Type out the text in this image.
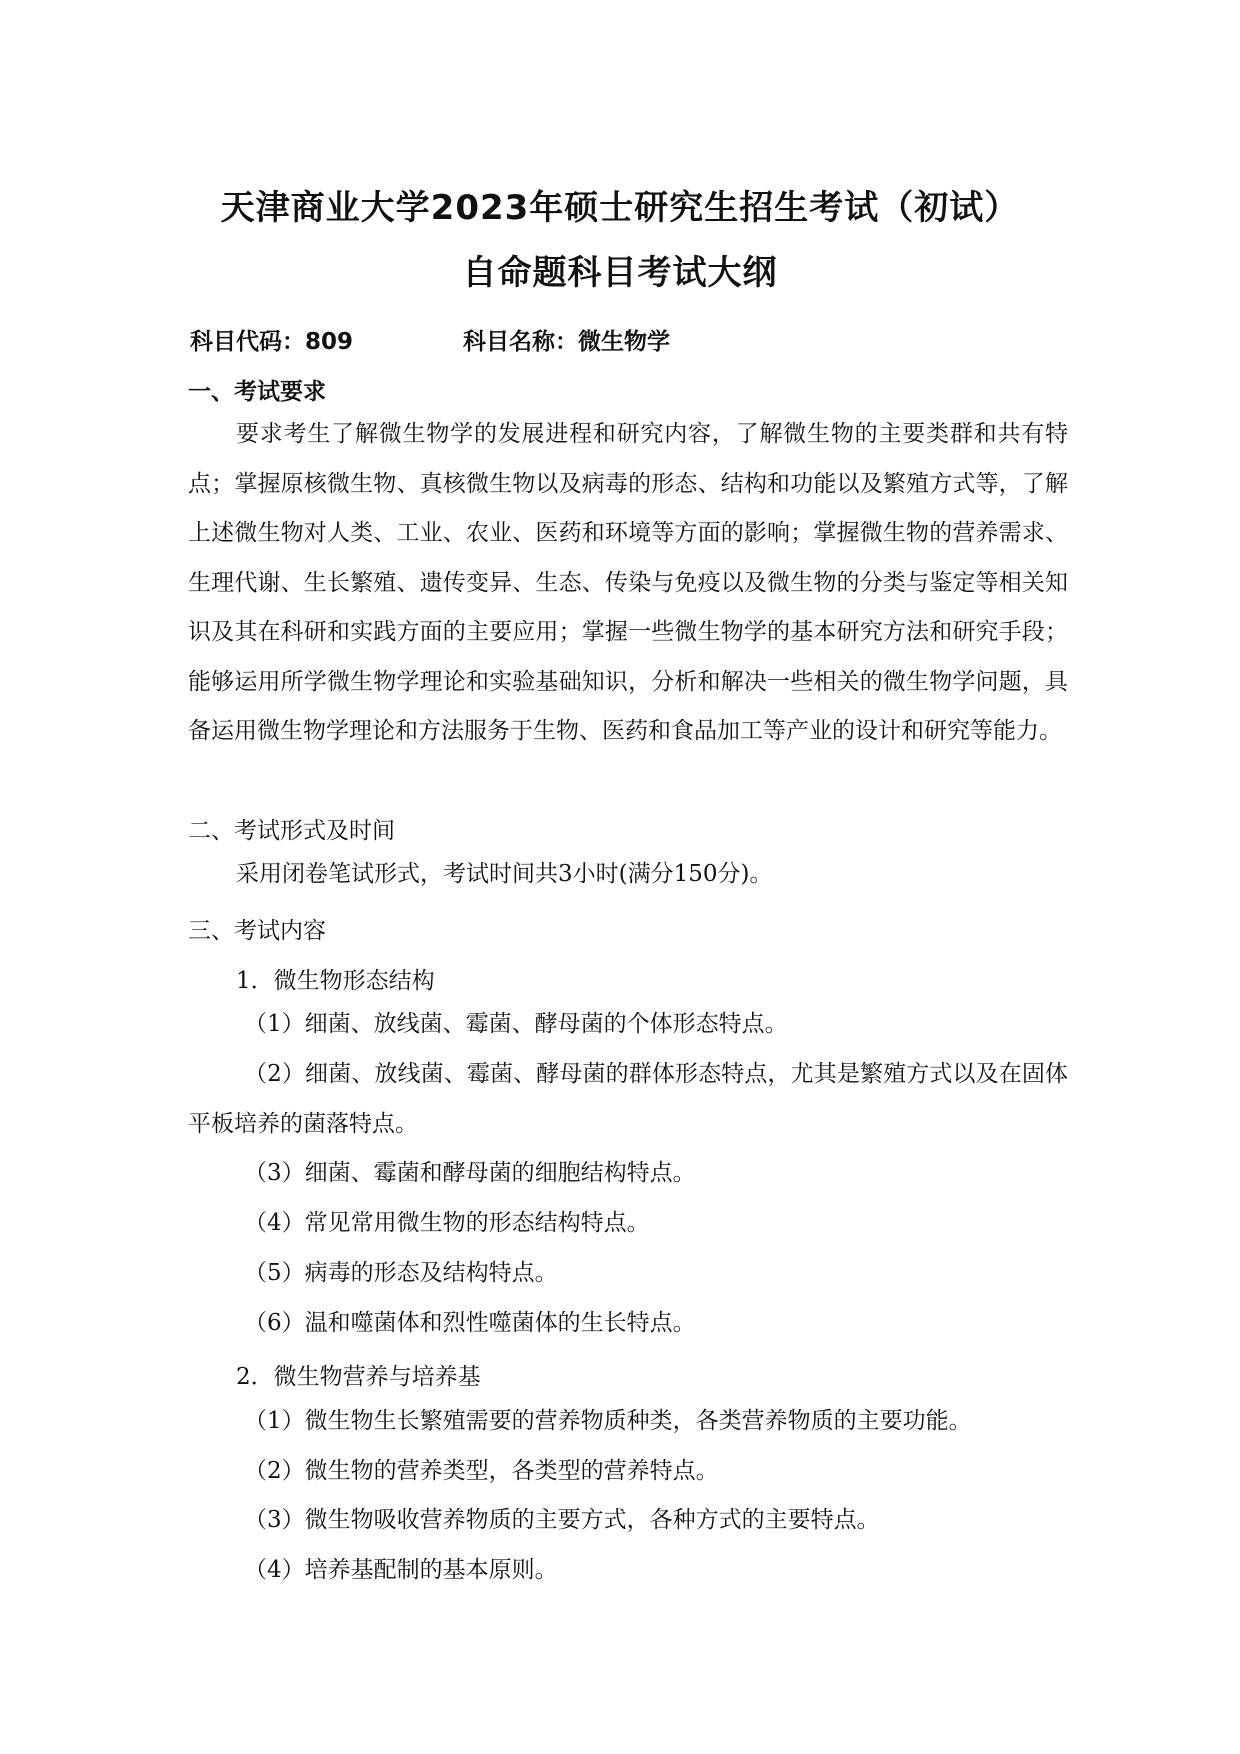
天津商业大学2023年硕士研究生招生考试（初试）
自命题科目考试大纲
科目代码：809	科目名称：微生物学
一、考试要求
要求考生了解微生物学的发展进程和研究内容，了解微生物的主要类群和共有特点；掌握原核微生物、真核微生物以及病毒的形态、结构和功能以及繁殖方式等，了解上述微生物对人类、工业、农业、医药和环境等方面的影响；掌握微生物的营养需求、生理代谢、生长繁殖、遗传变异、生态、传染与免疫以及微生物的分类与鉴定等相关知识及其在科研和实践方面的主要应用；掌握一些微生物学的基本研究方法和研究手段；能够运用所学微生物学理论和实验基础知识，分析和解决一些相关的微生物学问题，具备运用微生物学理论和方法服务于生物、医药和食品加工等产业的设计和研究等能力。
二、考试形式及时间
采用闭卷笔试形式，考试时间共3小时(满分150分)。
三、考试内容
1．微生物形态结构
（1）细菌、放线菌、霉菌、酵母菌的个体形态特点。
（2）细菌、放线菌、霉菌、酵母菌的群体形态特点，尤其是繁殖方式以及在固体平板培养的菌落特点。
（3）细菌、霉菌和酵母菌的细胞结构特点。
（4）常见常用微生物的形态结构特点。
（5）病毒的形态及结构特点。
（6）温和噬菌体和烈性噬菌体的生长特点。
2．微生物营养与培养基
（1）微生物生长繁殖需要的营养物质种类，各类营养物质的主要功能。
（2）微生物的营养类型，各类型的营养特点。
（3）微生物吸收营养物质的主要方式，各种方式的主要特点。
（4）培养基配制的基本原则。
